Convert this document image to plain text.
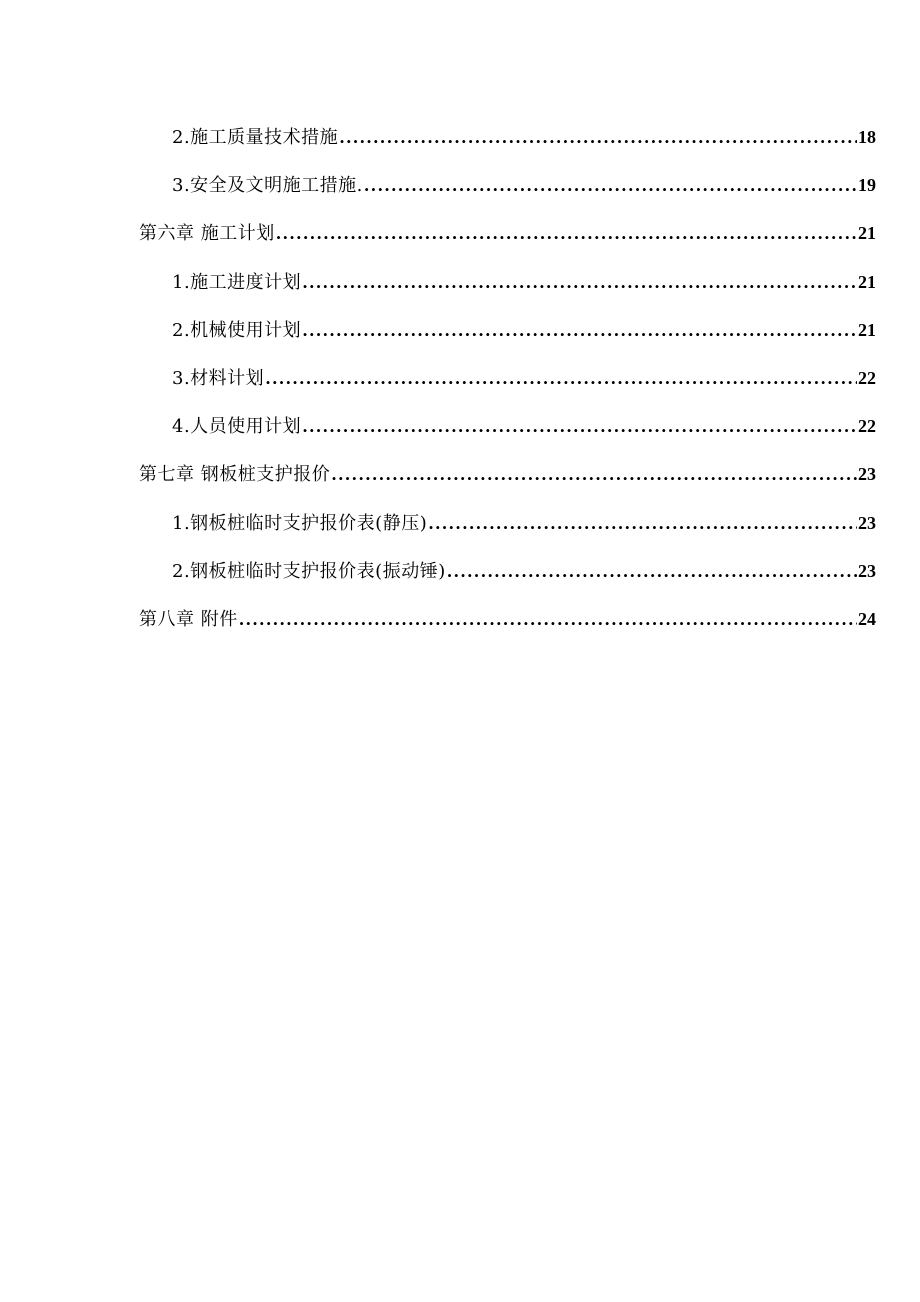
2.施工质量技术措施 .....	18
3.安全及文明施工措施. .....	19
第六章 施工计划 .....	21
1.施工进度计划 .....	21
2.机械使用计划 .....	21
3.材料计划 .....	22
4.人员使用计划 .....	22
第七章 钢板桩支护报价 .....	23
1.钢板桩临时支护报价表(静压) .....	23
2.钢板桩临时支护报价表(振动锤) .....	23
第八章 附件 .....	24
